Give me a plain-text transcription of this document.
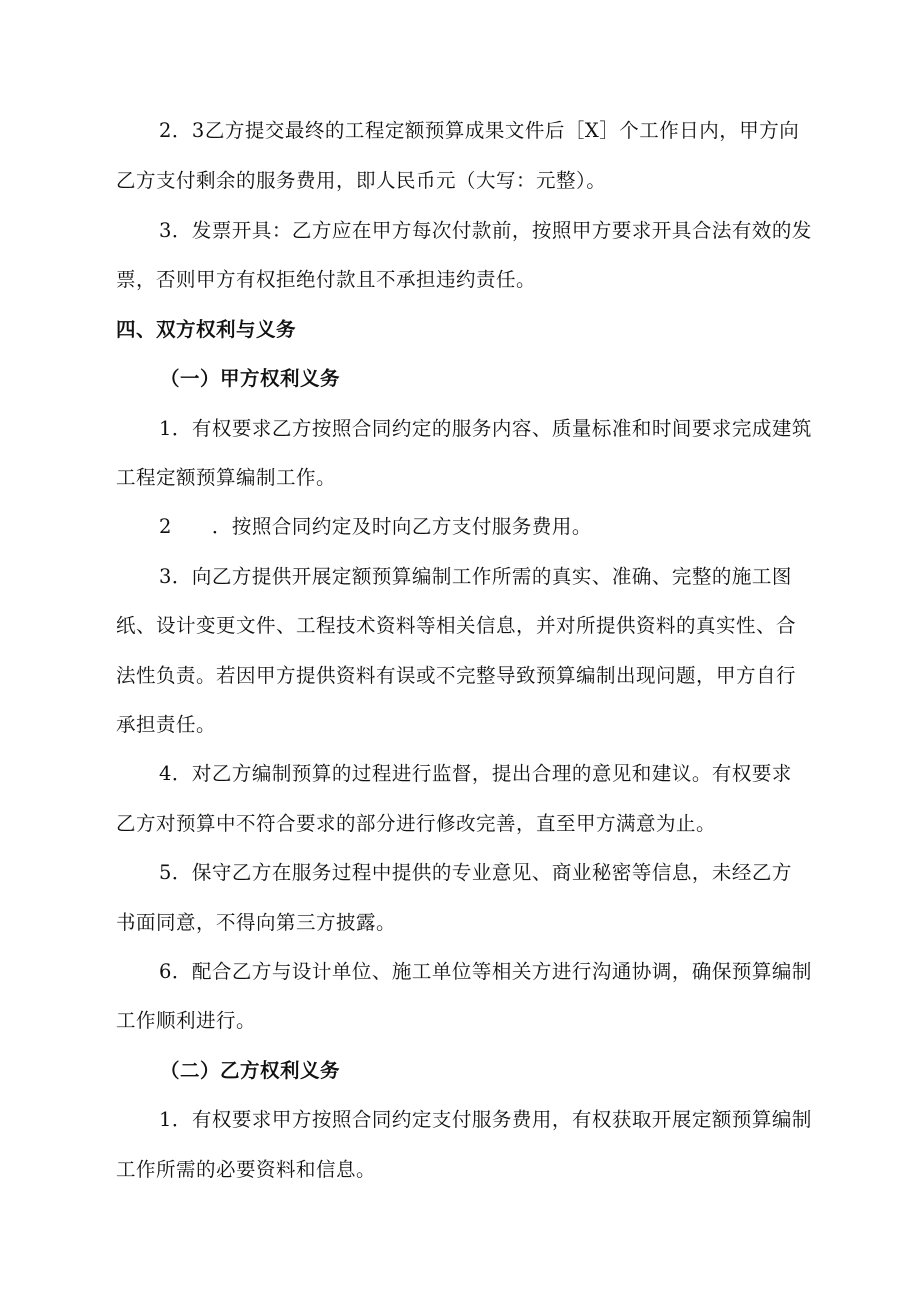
2．3乙方提交最终的工程定额预算成果文件后［X］个工作日内，甲方向
乙方支付剩余的服务费用，即人民币元（大写：元整）。
3．发票开具：乙方应在甲方每次付款前，按照甲方要求开具合法有效的发
票，否则甲方有权拒绝付款且不承担违约责任。
四、双方权利与义务
（一）甲方权利义务
1．有权要求乙方按照合同约定的服务内容、质量标准和时间要求完成建筑
工程定额预算编制工作。
2　　．按照合同约定及时向乙方支付服务费用。
3．向乙方提供开展定额预算编制工作所需的真实、准确、完整的施工图
纸、设计变更文件、工程技术资料等相关信息，并对所提供资料的真实性、合
法性负责。若因甲方提供资料有误或不完整导致预算编制出现问题，甲方自行
承担责任。
4．对乙方编制预算的过程进行监督，提出合理的意见和建议。有权要求
乙方对预算中不符合要求的部分进行修改完善，直至甲方满意为止。
5．保守乙方在服务过程中提供的专业意见、商业秘密等信息，未经乙方
书面同意，不得向第三方披露。
6．配合乙方与设计单位、施工单位等相关方进行沟通协调，确保预算编制
工作顺利进行。
（二）乙方权利义务
1．有权要求甲方按照合同约定支付服务费用，有权获取开展定额预算编制
工作所需的必要资料和信息。
